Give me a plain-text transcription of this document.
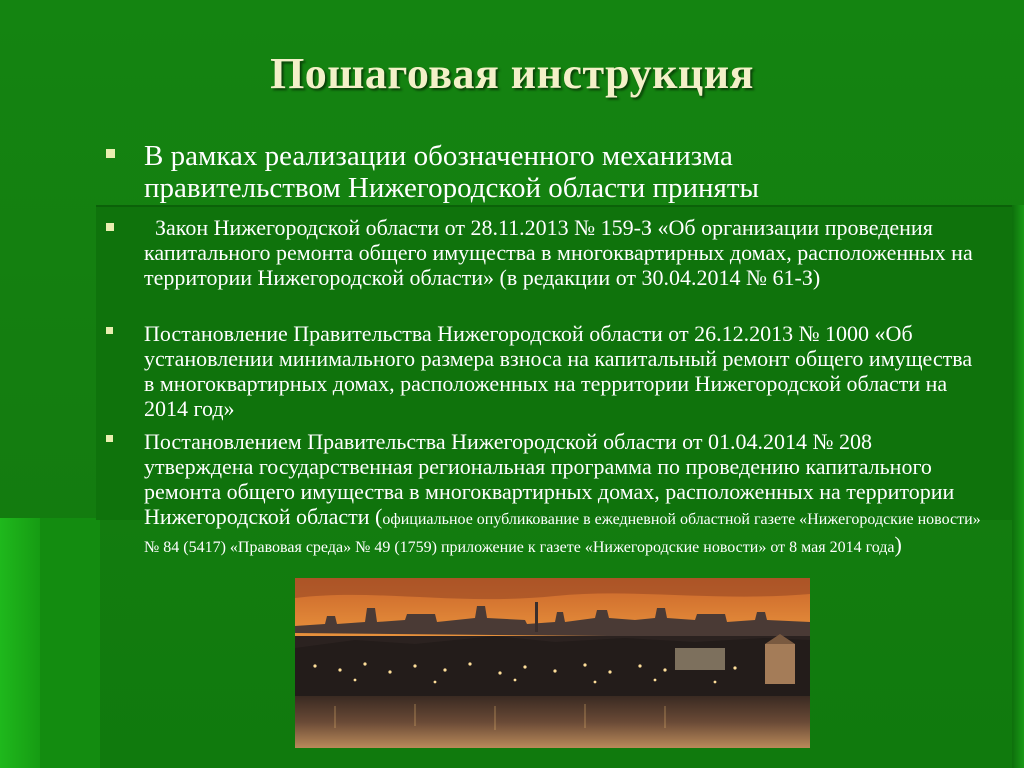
Пошаговая инструкция
В рамках реализации обозначенного механизма правительством Нижегородской области приняты
Закон Нижегородской области от 28.11.2013 № 159-З «Об организации проведения капитального ремонта общего имущества в многоквартирных домах, расположенных на территории Нижегородской области» (в редакции от 30.04.2014 № 61-З)
Постановление Правительства Нижегородской области от 26.12.2013 № 1000 «Об установлении минимального размера взноса на капитальный ремонт общего имущества в многоквартирных домах, расположенных на территории Нижегородской области на 2014 год»
Постановлением Правительства Нижегородской области от 01.04.2014 № 208 утверждена государственная региональная программа по проведению капитального ремонта общего имущества в многоквартирных домах, расположенных на территории Нижегородской области (официальное опубликование в ежедневной областной газете «Нижегородские новости» № 84 (5417) «Правовая среда» № 49 (1759) приложение к газете «Нижегородские новости» от 8 мая 2014 года)
